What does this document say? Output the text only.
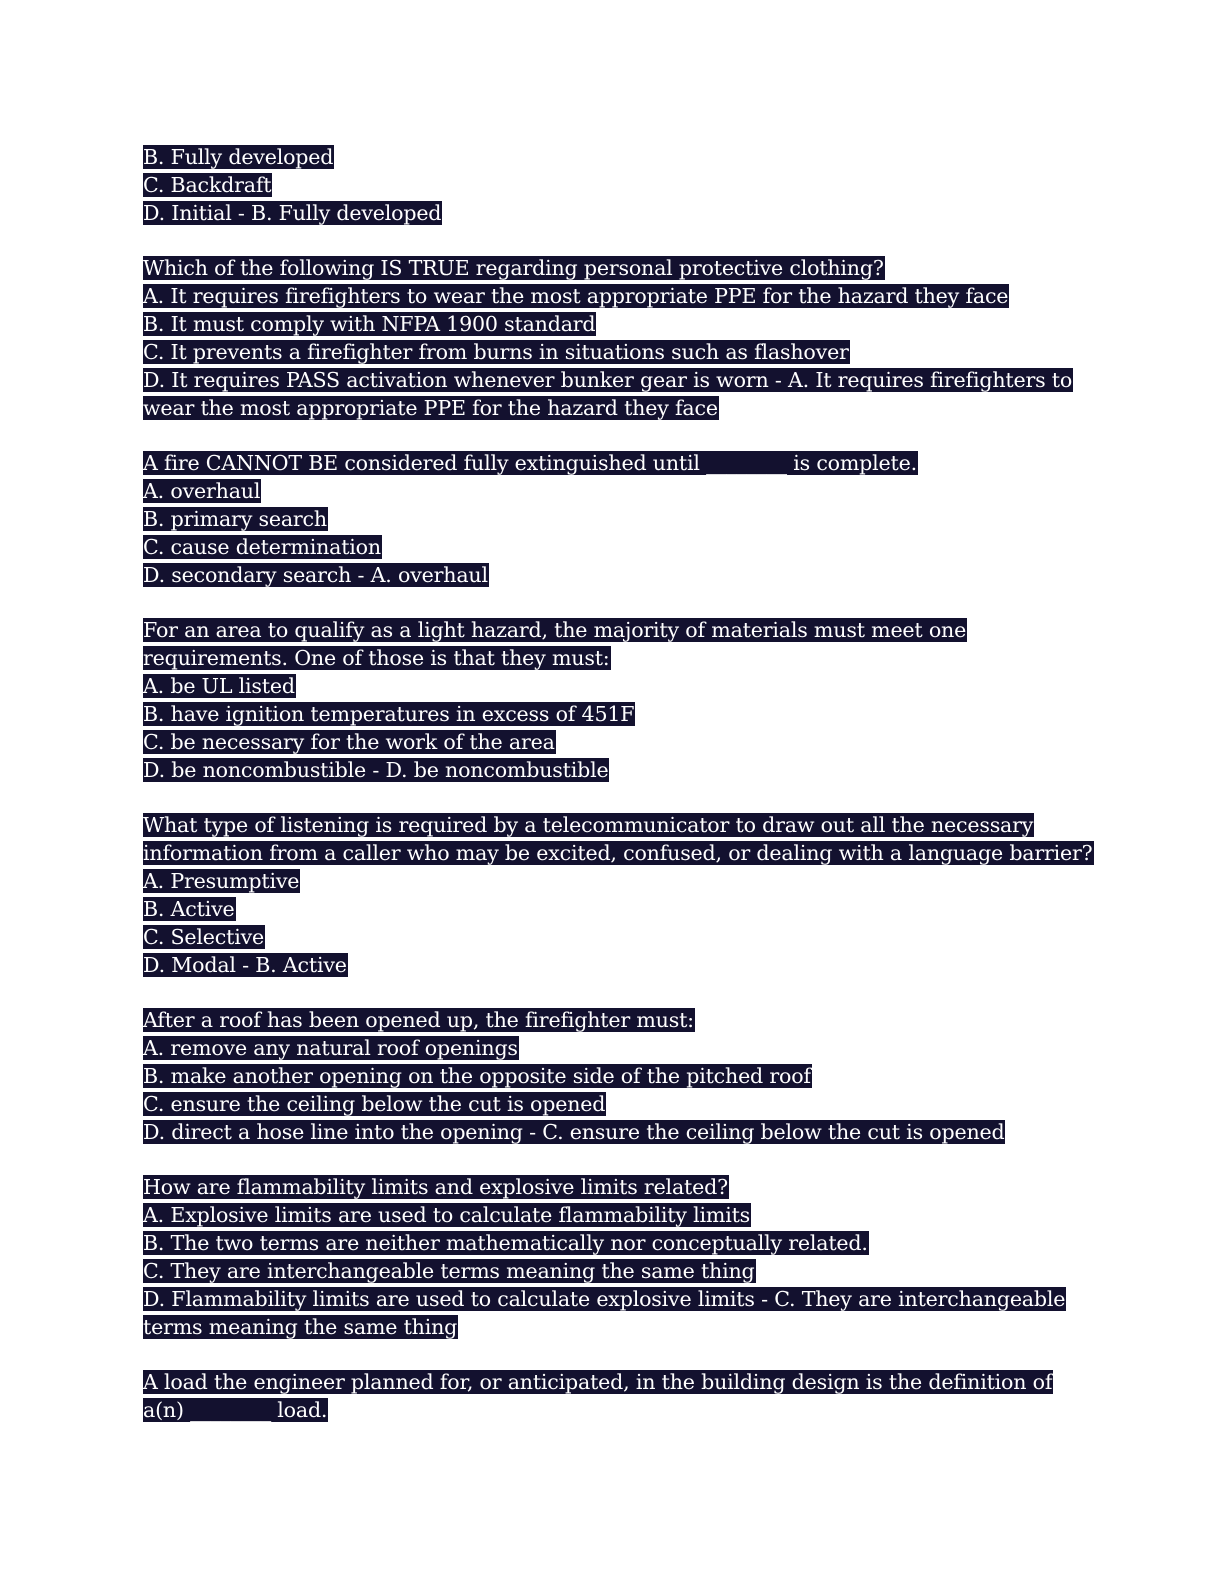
B. Fully developed
C. Backdraft
D. Initial - B. Fully developed
Which of the following IS TRUE regarding personal protective clothing?
A. It requires firefighters to wear the most appropriate PPE for the hazard they face
B. It must comply with NFPA 1900 standard
C. It prevents a firefighter from burns in situations such as flashover
D. It requires PASS activation whenever bunker gear is worn - A. It requires firefighters to
wear the most appropriate PPE for the hazard they face
A fire CANNOT BE considered fully extinguished until ________ is complete.
A. overhaul
B. primary search
C. cause determination
D. secondary search - A. overhaul
For an area to qualify as a light hazard, the majority of materials must meet one
requirements. One of those is that they must:
A. be UL listed
B. have ignition temperatures in excess of 451F
C. be necessary for the work of the area
D. be noncombustible - D. be noncombustible
What type of listening is required by a telecommunicator to draw out all the necessary
information from a caller who may be excited, confused, or dealing with a language barrier?
A. Presumptive
B. Active
C. Selective
D. Modal - B. Active
After a roof has been opened up, the firefighter must:
A. remove any natural roof openings
B. make another opening on the opposite side of the pitched roof
C. ensure the ceiling below the cut is opened
D. direct a hose line into the opening - C. ensure the ceiling below the cut is opened
How are flammability limits and explosive limits related?
A. Explosive limits are used to calculate flammability limits
B. The two terms are neither mathematically nor conceptually related.
C. They are interchangeable terms meaning the same thing
D. Flammability limits are used to calculate explosive limits - C. They are interchangeable
terms meaning the same thing
A load the engineer planned for, or anticipated, in the building design is the definition of
a(n) ________ load.
